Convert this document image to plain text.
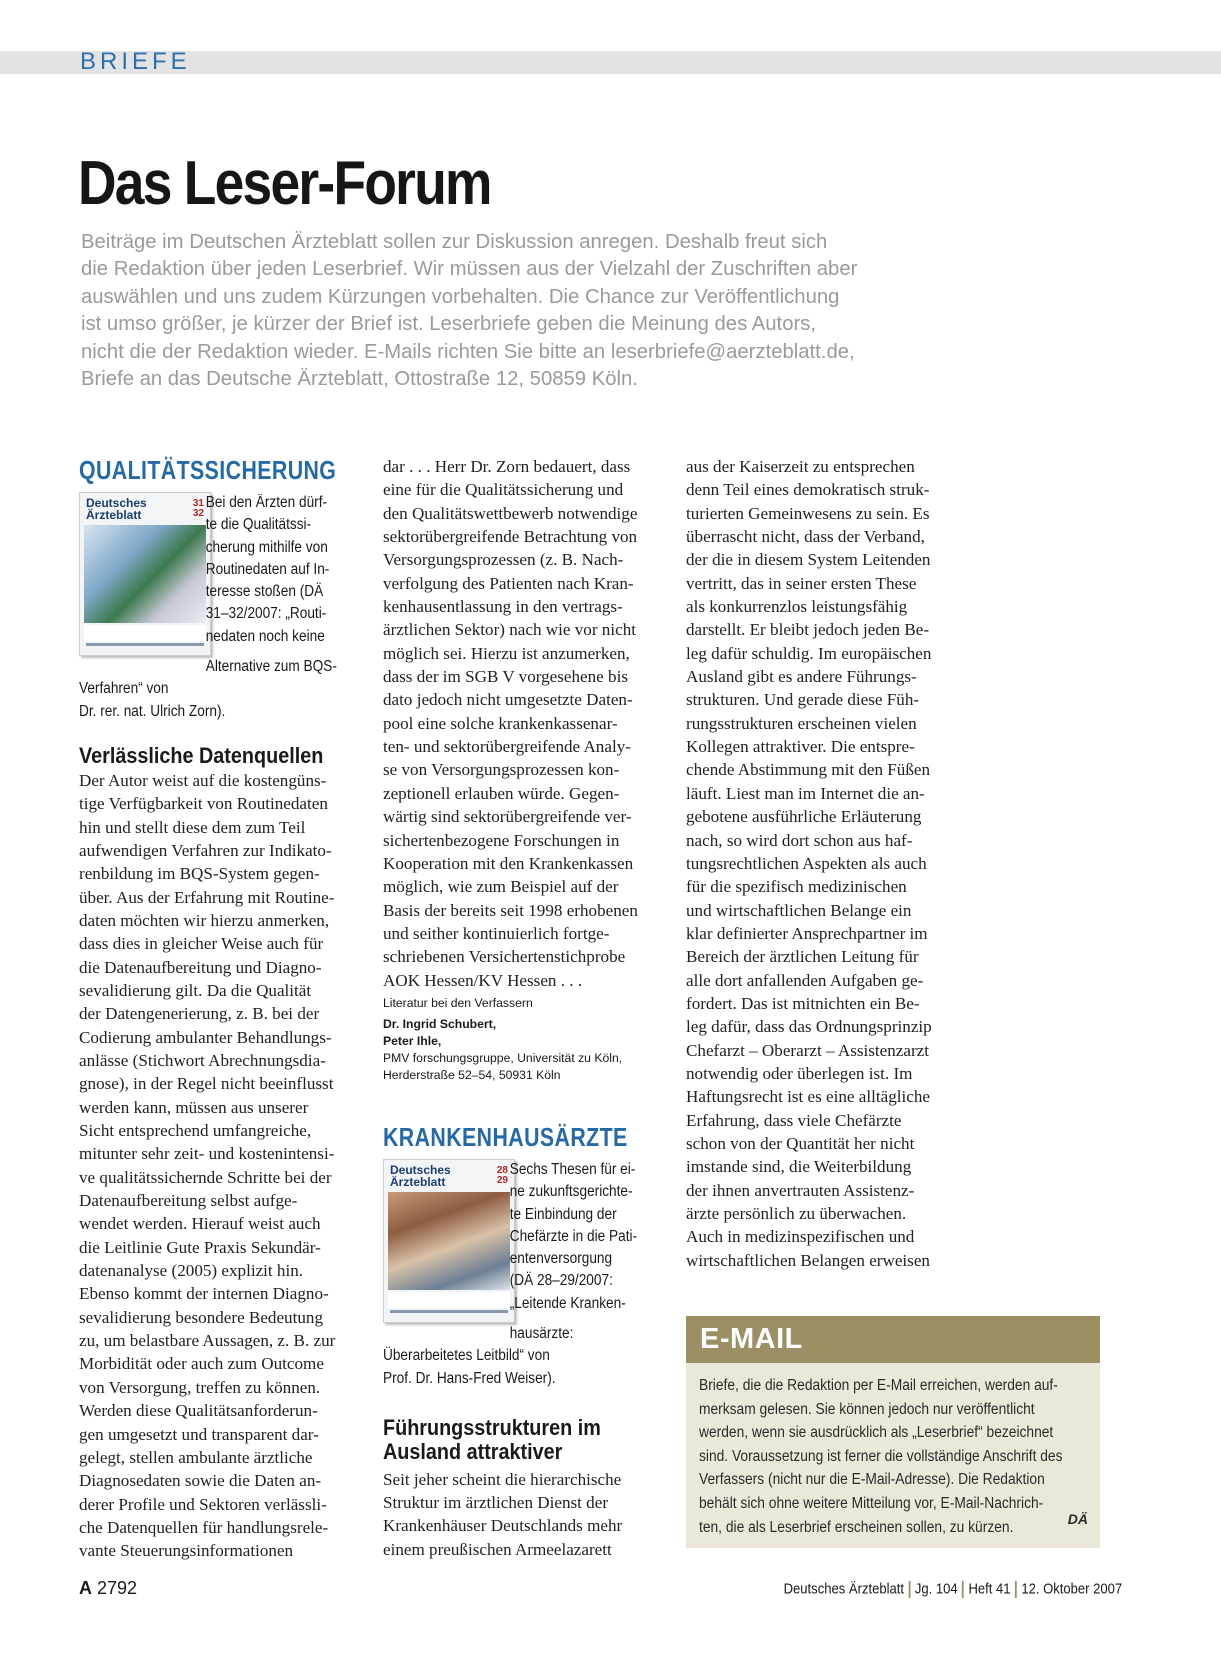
BRIEFE
Das Leser-Forum

Beiträge im Deutschen Ärzteblatt sollen zur Diskussion anregen. Deshalb freut sich

die Redaktion über jeden Leserbrief. Wir müssen aus der Vielzahl der Zuschriften aber

auswählen und uns zudem Kürzungen vorbehalten. Die Chance zur Veröffentlichung

ist umso größer, je kürzer der Brief ist. Leserbriefe geben die Meinung des Autors,

nicht die der Redaktion wieder. E-Mails richten Sie bitte an leserbriefe@aerzteblatt.de,

Briefe an das Deutsche Ärzteblatt, Ottostraße 12, 50859 Köln.

QUALITÄTSSICHERUNG
Deutsches
Ärzteblatt
31
32

Bei den Ärzten dürf-

te die Qualitätssi-

cherung mithilfe von

Routinedaten auf In-

teresse stoßen (DÄ

31–32/2007: „Routi-

nedaten noch keine

Alternative zum BQS-Verfahren“ von

Dr. rer. nat. Ulrich Zorn).

Verlässliche Datenquellen

Der Autor weist auf die kostengüns-

tige Verfügbarkeit von Routinedaten

hin und stellt diese dem zum Teil

aufwendigen Verfahren zur Indikato-

renbildung im BQS-System gegen-

über. Aus der Erfahrung mit Routine-

daten möchten wir hierzu anmerken,

dass dies in gleicher Weise auch für

die Datenaufbereitung und Diagno-

sevalidierung gilt. Da die Qualität

der Datengenerierung, z. B. bei der

Codierung ambulanter Behandlungs-

anlässe (Stichwort Abrechnungsdia-

gnose), in der Regel nicht beeinflusst

werden kann, müssen aus unserer

Sicht entsprechend umfangreiche,

mitunter sehr zeit- und kostenintensi-

ve qualitätssichernde Schritte bei der

Datenaufbereitung selbst aufge-

wendet werden. Hierauf weist auch

die Leitlinie Gute Praxis Sekundär-

datenanalyse (2005) explizit hin.

Ebenso kommt der internen Diagno-

sevalidierung besondere Bedeutung

zu, um belastbare Aussagen, z. B. zur

Morbidität oder auch zum Outcome

von Versorgung, treffen zu können.

Werden diese Qualitätsanforderun-

gen umgesetzt und transparent dar-

gelegt, stellen ambulante ärztliche

Diagnosedaten sowie die Daten an-

derer Profile und Sektoren verlässli-

che Datenquellen für handlungsrele-

vante Steuerungsinformationen

dar . . . Herr Dr. Zorn bedauert, dass

eine für die Qualitätssicherung und

den Qualitätswettbewerb notwendige

sektorübergreifende Betrachtung von

Versorgungsprozessen (z. B. Nach-

verfolgung des Patienten nach Kran-

kenhausentlassung in den vertrags-

ärztlichen Sektor) nach wie vor nicht

möglich sei. Hierzu ist anzumerken,

dass der im SGB V vorgesehene bis

dato jedoch nicht umgesetzte Daten-

pool eine solche krankenkassenar-

ten- und sektorübergreifende Analy-

se von Versorgungsprozessen kon-

zeptionell erlauben würde. Gegen-

wärtig sind sektorübergreifende ver-

sichertenbezogene Forschungen in

Kooperation mit den Krankenkassen

möglich, wie zum Beispiel auf der

Basis der bereits seit 1998 erhobenen

und seither kontinuierlich fortge-

schriebenen Versichertenstichprobe

AOK Hessen/KV Hessen . . .

Literatur bei den Verfassern

Dr. Ingrid Schubert,

Peter Ihle,

PMV forschungsgruppe, Universität zu Köln,

Herderstraße 52–54, 50931 Köln

KRANKENHAUSÄRZTE
Deutsches
Ärzteblatt
28
29

Sechs Thesen für ei-

ne zukunftsgerichte-

te Einbindung der

Chefärzte in die Pati-

entenversorgung

(DÄ 28–29/2007:

„Leitende Kranken-

hausärzte: Überarbeitetes Leitbild“ von

Prof. Dr. Hans-Fred Weiser).

Führungsstrukturen im
Ausland attraktiver

Seit jeher scheint die hierarchische

Struktur im ärztlichen Dienst der

Krankenhäuser Deutschlands mehr

einem preußischen Armeelazarett

aus der Kaiserzeit zu entsprechen

denn Teil eines demokratisch struk-

turierten Gemeinwesens zu sein. Es

überrascht nicht, dass der Verband,

der die in diesem System Leitenden

vertritt, das in seiner ersten These

als konkurrenzlos leistungsfähig

darstellt. Er bleibt jedoch jeden Be-

leg dafür schuldig. Im europäischen

Ausland gibt es andere Führungs-

strukturen. Und gerade diese Füh-

rungsstrukturen erscheinen vielen

Kollegen attraktiver. Die entspre-

chende Abstimmung mit den Füßen

läuft. Liest man im Internet die an-

gebotene ausführliche Erläuterung

nach, so wird dort schon aus haf-

tungsrechtlichen Aspekten als auch

für die spezifisch medizinischen

und wirtschaftlichen Belange ein

klar definierter Ansprechpartner im

Bereich der ärztlichen Leitung für

alle dort anfallenden Aufgaben ge-

fordert. Das ist mitnichten ein Be-

leg dafür, dass das Ordnungsprinzip

Chefarzt – Oberarzt – Assistenzarzt

notwendig oder überlegen ist. Im

Haftungsrecht ist es eine alltägliche

Erfahrung, dass viele Chefärzte

schon von der Quantität her nicht

imstande sind, die Weiterbildung

der ihnen anvertrauten Assistenz-

ärzte persönlich zu überwachen.

Auch in medizinspezifischen und

wirtschaftlichen Belangen erweisen

E-MAIL

Briefe, die die Redaktion per E-Mail erreichen, werden auf-

merksam gelesen. Sie können jedoch nur veröffentlicht

werden, wenn sie ausdrücklich als „Leserbrief“ bezeichnet

sind. Voraussetzung ist ferner die vollständige Anschrift des

Verfassers (nicht nur die E-Mail-Adresse). Die Redaktion

behält sich ohne weitere Mitteilung vor, E-Mail-Nachrich-

ten, die als Leserbrief erscheinen sollen, zu kürzen.	DÄ
A 2792	Deutsches Ärzteblatt Jg. 104 Heft 41 12. Oktober 2007
